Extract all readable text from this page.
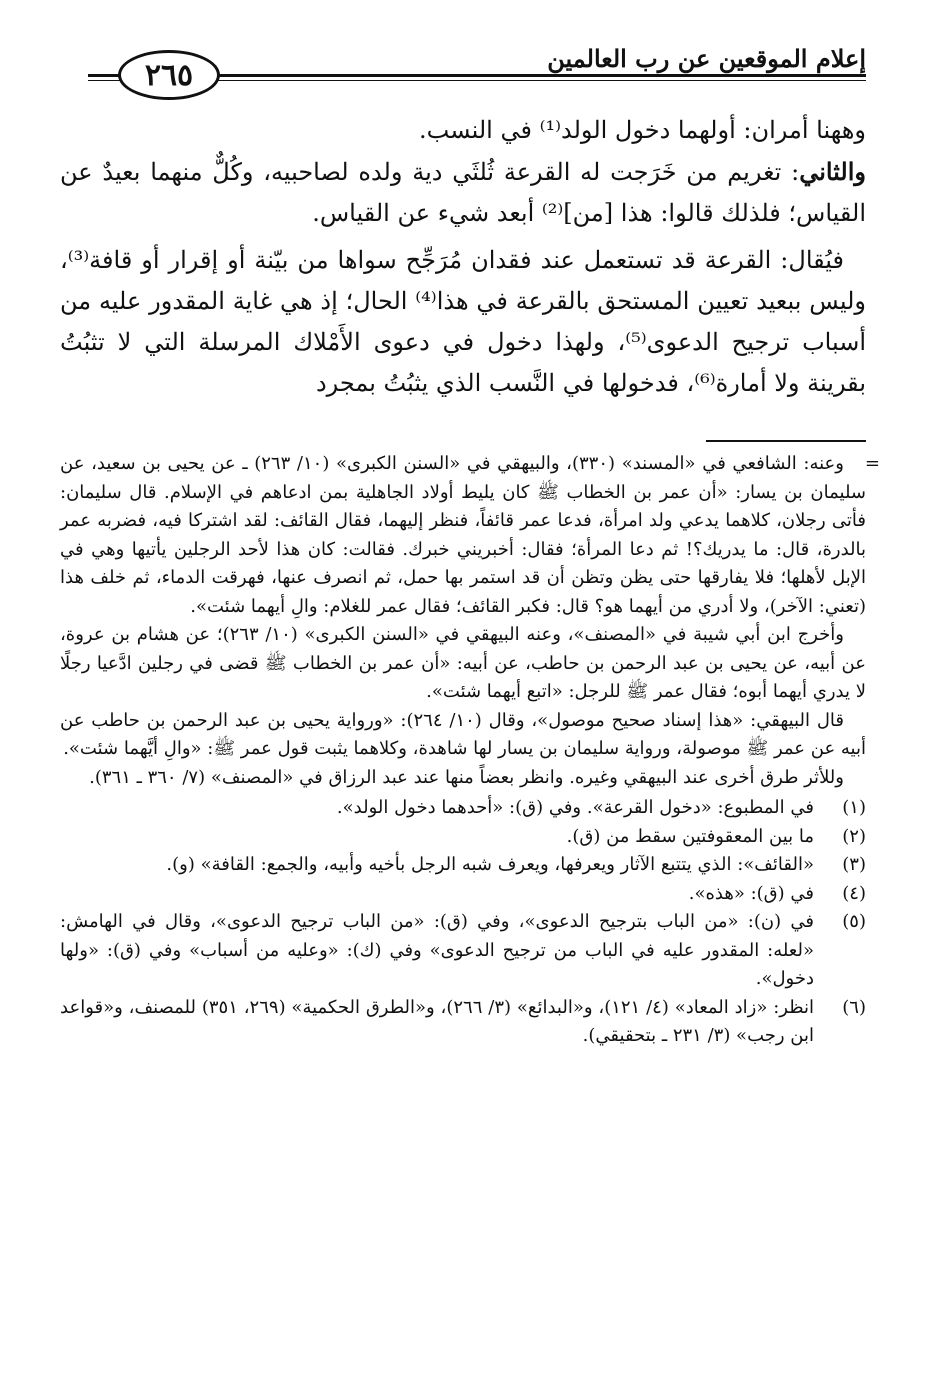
٢٦٥	إعلام الموقعين عن رب العالمين

وههنا أمران: أولهما دخول الولد⁽¹⁾ في النسب.

والثاني: تغريم من خَرَجت له القرعة ثُلثَي دية ولده لصاحبيه، وكُلٌّ منهما بعيدٌ عن القياس؛ فلذلك قالوا: هذا [من]⁽²⁾ أبعد شيء عن القياس.

فيُقال: القرعة قد تستعمل عند فقدان مُرَجِّح سواها من بيّنة أو إقرار أو قافة⁽³⁾، وليس ببعيد تعيين المستحق بالقرعة في هذا⁽⁴⁾ الحال؛ إذ هي غاية المقدور عليه من أسباب ترجيح الدعوى⁽⁵⁾، ولهذا دخول في دعوى الأَمْلاك المرسلة التي لا تثبُتُ بقرينة ولا أمارة⁽⁶⁾، فدخولها في النَّسب الذي يثبُتُ بمجرد

=

وعنه: الشافعي في «المسند» (٣٣٠)، والبيهقي في «السنن الكبرى» (١٠/ ٢٦٣) ـ عن يحيى بن سعيد، عن سليمان بن يسار: «أن عمر بن الخطاب ﷺ كان يليط أولاد الجاهلية بمن ادعاهم في الإسلام. قال سليمان: فأتى رجلان، كلاهما يدعي ولد امرأة، فدعا عمر قائفاً، فنظر إليهما، فقال القائف: لقد اشتركا فيه، فضربه عمر بالدرة، قال: ما يدريك؟! ثم دعا المرأة؛ فقال: أخبريني خبرك. فقالت: كان هذا لأحد الرجلين يأتيها وهي في الإبل لأهلها؛ فلا يفارقها حتى يظن وتظن أن قد استمر بها حمل، ثم انصرف عنها، فهرقت الدماء، ثم خلف هذا (تعني: الآخر)، ولا أدري من أيهما هو؟ قال: فكبر القائف؛ فقال عمر للغلام: والِ أيهما شئت».

وأخرج ابن أبي شيبة في «المصنف»، وعنه البيهقي في «السنن الكبرى» (١٠/ ٢٦٣)؛ عن هشام بن عروة، عن أبيه، عن يحيى بن عبد الرحمن بن حاطب، عن أبيه: «أن عمر بن الخطاب ﷺ قضى في رجلين ادَّعيا رجلًا لا يدري أيهما أبوه؛ فقال عمر ﷺ للرجل: «اتبع أيهما شئت».

قال البيهقي: «هذا إسناد صحيح موصول»، وقال (١٠/ ٢٦٤): «ورواية يحيى بن عبد الرحمن بن حاطب عن أبيه عن عمر ﷺ موصولة، ورواية سليمان بن يسار لها شاهدة، وكلاهما يثبت قول عمر ﷺ: «والِ أيَّهما شئت».

وللأثر طرق أخرى عند البيهقي وغيره. وانظر بعضاً منها عند عبد الرزاق في «المصنف» (٧/ ٣٦٠ ـ ٣٦١).

(١)
في المطبوع: «دخول القرعة». وفي (ق): «أحدهما دخول الولد».
(٢)
ما بين المعقوفتين سقط من (ق).
(٣)
«القائف»: الذي يتتبع الآثار ويعرفها، ويعرف شبه الرجل بأخيه وأبيه، والجمع: القافة» (و).
(٤)
في (ق): «هذه».
(٥)
في (ن): «من الباب بترجيح الدعوى»، وفي (ق): «من الباب ترجيح الدعوى»، وقال في الهامش: «لعله: المقدور عليه في الباب من ترجيح الدعوى» وفي (ك): «وعليه من أسباب» وفي (ق): «ولها دخول».
(٦)
انظر: «زاد المعاد» (٤/ ١٢١)، و«البدائع» (٣/ ٢٦٦)، و«الطرق الحكمية» (٢٦٩، ٣٥١) للمصنف، و«قواعد ابن رجب» (٣/ ٢٣١ ـ بتحقيقي).
